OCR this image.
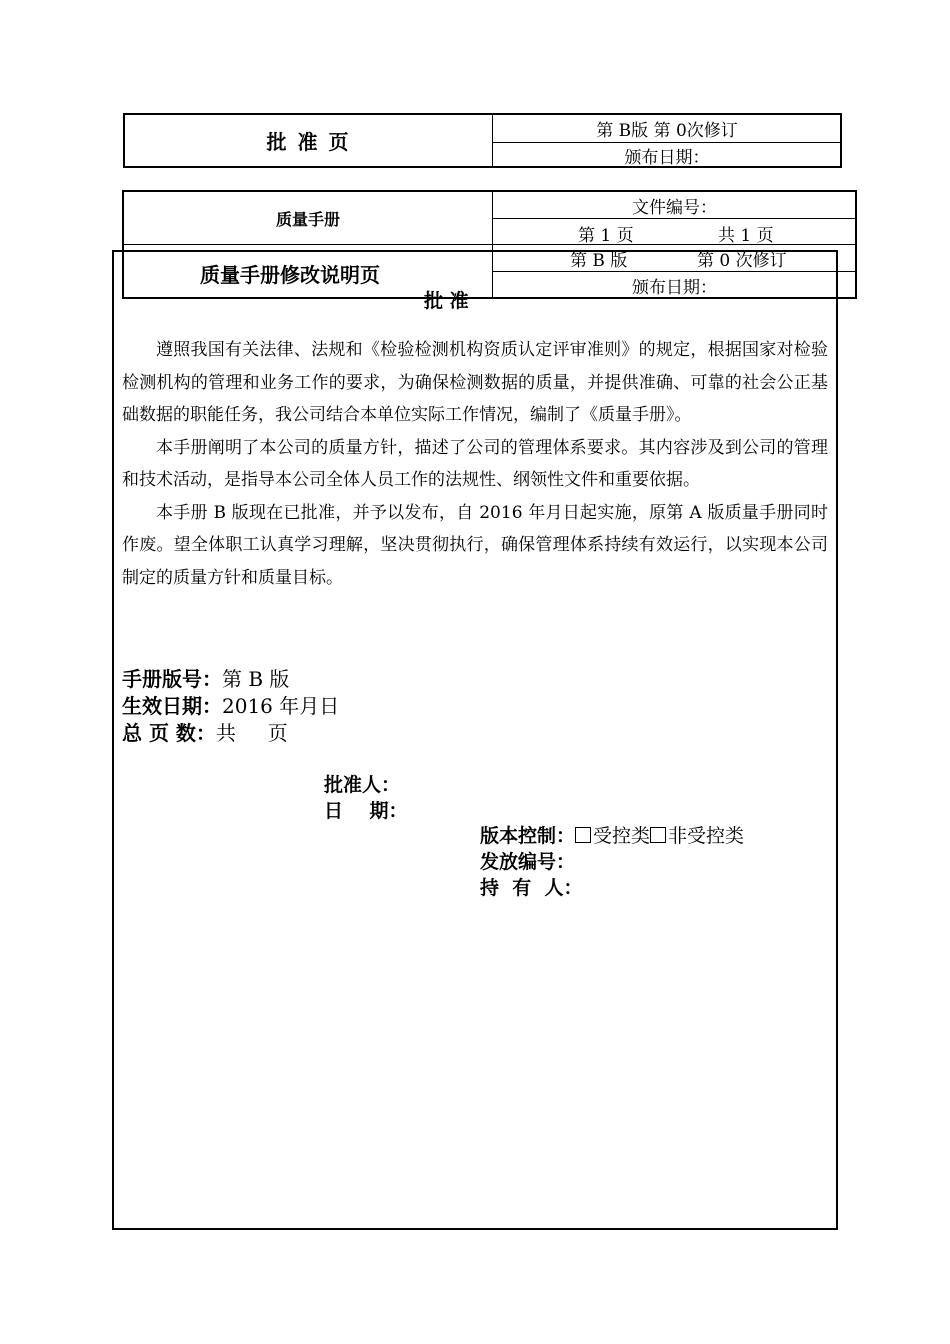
批 准 页	第 B版 第 0次修订
颁布日期：
质量手册
文件编号：
第 1 页	共 1 页
第 B 版	第 0 次修订
颁布日期：
质量手册修改说明页
批 准

遵照我国有关法律、法规和《检验检测机构资质认定评审准则》的规定，根据国家对检验检测机构的管理和业务工作的要求，为确保检测数据的质量，并提供准确、可靠的社会公正基础数据的职能任务，我公司结合本单位实际工作情况，编制了《质量手册》。

本手册阐明了本公司的质量方针，描述了公司的管理体系要求。其内容涉及到公司的管理和技术活动，是指导本公司全体人员工作的法规性、纲领性文件和重要依据。

本手册 B 版现在已批准，并予以发布，自 2016 年月日起实施，原第 A 版质量手册同时作废。望全体职工认真学习理解，坚决贯彻执行，确保管理体系持续有效运行，以实现本公司制定的质量方针和质量目标。

手册版号：第 B 版
生效日期：2016 年月日
总 页 数：共     页
批准人：
日    期：
版本控制： 受控类 非受控类
发放编号：
持  有  人：
